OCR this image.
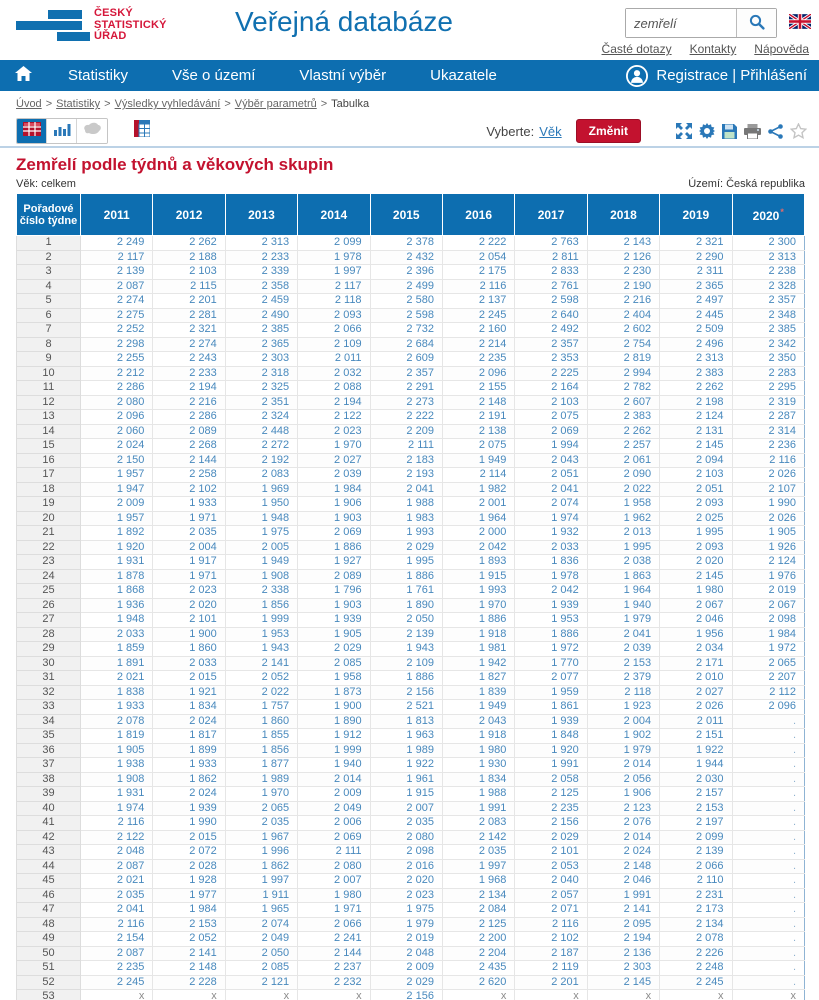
ČESKÝ
STATISTICKÝ
ÚŘAD	Veřejná databáze
zemřelí
Časté dotazy Kontakty Nápověda
Statistiky	Vše o území	Vlastní výběr	Ukazatele	Registrace | Přihlášení
Úvod > Statistiky > Výsledky vyhledávání > Výběr parametrů > Tabulka
Vyberte: Věk	Změnit
Zemřelí podle týdnů a věkových skupin
Věk: celkem	Území: Česká republika
Pořadové číslo týdne	2011	2012	2013	2014	2015	2016	2017	2018	2019	2020*
1	2 249	2 262	2 313	2 099	2 378	2 222	2 763	2 143	2 321	2 300
2	2 117	2 188	2 233	1 978	2 432	2 054	2 811	2 126	2 290	2 313
3	2 139	2 103	2 339	1 997	2 396	2 175	2 833	2 230	2 311	2 238
4	2 087	2 115	2 358	2 117	2 499	2 116	2 761	2 190	2 365	2 328
5	2 274	2 201	2 459	2 118	2 580	2 137	2 598	2 216	2 497	2 357
6	2 275	2 281	2 490	2 093	2 598	2 245	2 640	2 404	2 445	2 348
7	2 252	2 321	2 385	2 066	2 732	2 160	2 492	2 602	2 509	2 385
8	2 298	2 274	2 365	2 109	2 684	2 214	2 357	2 754	2 496	2 342
9	2 255	2 243	2 303	2 011	2 609	2 235	2 353	2 819	2 313	2 350
10	2 212	2 233	2 318	2 032	2 357	2 096	2 225	2 994	2 383	2 283
11	2 286	2 194	2 325	2 088	2 291	2 155	2 164	2 782	2 262	2 295
12	2 080	2 216	2 351	2 194	2 273	2 148	2 103	2 607	2 198	2 319
13	2 096	2 286	2 324	2 122	2 222	2 191	2 075	2 383	2 124	2 287
14	2 060	2 089	2 448	2 023	2 209	2 138	2 069	2 262	2 131	2 314
15	2 024	2 268	2 272	1 970	2 111	2 075	1 994	2 257	2 145	2 236
16	2 150	2 144	2 192	2 027	2 183	1 949	2 043	2 061	2 094	2 116
17	1 957	2 258	2 083	2 039	2 193	2 114	2 051	2 090	2 103	2 026
18	1 947	2 102	1 969	1 984	2 041	1 982	2 041	2 022	2 051	2 107
19	2 009	1 933	1 950	1 906	1 988	2 001	2 074	1 958	2 093	1 990
20	1 957	1 971	1 948	1 903	1 983	1 964	1 974	1 962	2 025	2 026
21	1 892	2 035	1 975	2 069	1 993	2 000	1 932	2 013	1 995	1 905
22	1 920	2 004	2 005	1 886	2 029	2 042	2 033	1 995	2 093	1 926
23	1 931	1 917	1 949	1 927	1 995	1 893	1 836	2 038	2 020	2 124
24	1 878	1 971	1 908	2 089	1 886	1 915	1 978	1 863	2 145	1 976
25	1 868	2 023	2 338	1 796	1 761	1 993	2 042	1 964	1 980	2 019
26	1 936	2 020	1 856	1 903	1 890	1 970	1 939	1 940	2 067	2 067
27	1 948	2 101	1 999	1 939	2 050	1 886	1 953	1 979	2 046	2 098
28	2 033	1 900	1 953	1 905	2 139	1 918	1 886	2 041	1 956	1 984
29	1 859	1 860	1 943	2 029	1 943	1 981	1 972	2 039	2 034	1 972
30	1 891	2 033	2 141	2 085	2 109	1 942	1 770	2 153	2 171	2 065
31	2 021	2 015	2 052	1 958	1 886	1 827	2 077	2 379	2 010	2 207
32	1 838	1 921	2 022	1 873	2 156	1 839	1 959	2 118	2 027	2 112
33	1 933	1 834	1 757	1 900	2 521	1 949	1 861	1 923	2 026	2 096
34	2 078	2 024	1 860	1 890	1 813	2 043	1 939	2 004	2 011	.
35	1 819	1 817	1 855	1 912	1 963	1 918	1 848	1 902	2 151	.
36	1 905	1 899	1 856	1 999	1 989	1 980	1 920	1 979	1 922	.
37	1 938	1 933	1 877	1 940	1 922	1 930	1 991	2 014	1 944	.
38	1 908	1 862	1 989	2 014	1 961	1 834	2 058	2 056	2 030	.
39	1 931	2 024	1 970	2 009	1 915	1 988	2 125	1 906	2 157	.
40	1 974	1 939	2 065	2 049	2 007	1 991	2 235	2 123	2 153	.
41	2 116	1 990	2 035	2 006	2 035	2 083	2 156	2 076	2 197	.
42	2 122	2 015	1 967	2 069	2 080	2 142	2 029	2 014	2 099	.
43	2 048	2 072	1 996	2 111	2 098	2 035	2 101	2 024	2 139	.
44	2 087	2 028	1 862	2 080	2 016	1 997	2 053	2 148	2 066	.
45	2 021	1 928	1 997	2 007	2 020	1 968	2 040	2 046	2 110	.
46	2 035	1 977	1 911	1 980	2 023	2 134	2 057	1 991	2 231	.
47	2 041	1 984	1 965	1 971	1 975	2 084	2 071	2 141	2 173	.
48	2 116	2 153	2 074	2 066	1 979	2 125	2 116	2 095	2 134	.
49	2 154	2 052	2 049	2 241	2 019	2 200	2 102	2 194	2 078	.
50	2 087	2 141	2 050	2 144	2 048	2 204	2 187	2 136	2 226	.
51	2 235	2 148	2 085	2 237	2 009	2 435	2 119	2 303	2 248	.
52	2 245	2 228	2 121	2 232	2 029	2 620	2 201	2 145	2 245	.
53	x	x	x	x	2 156	x	x	x	x	x
